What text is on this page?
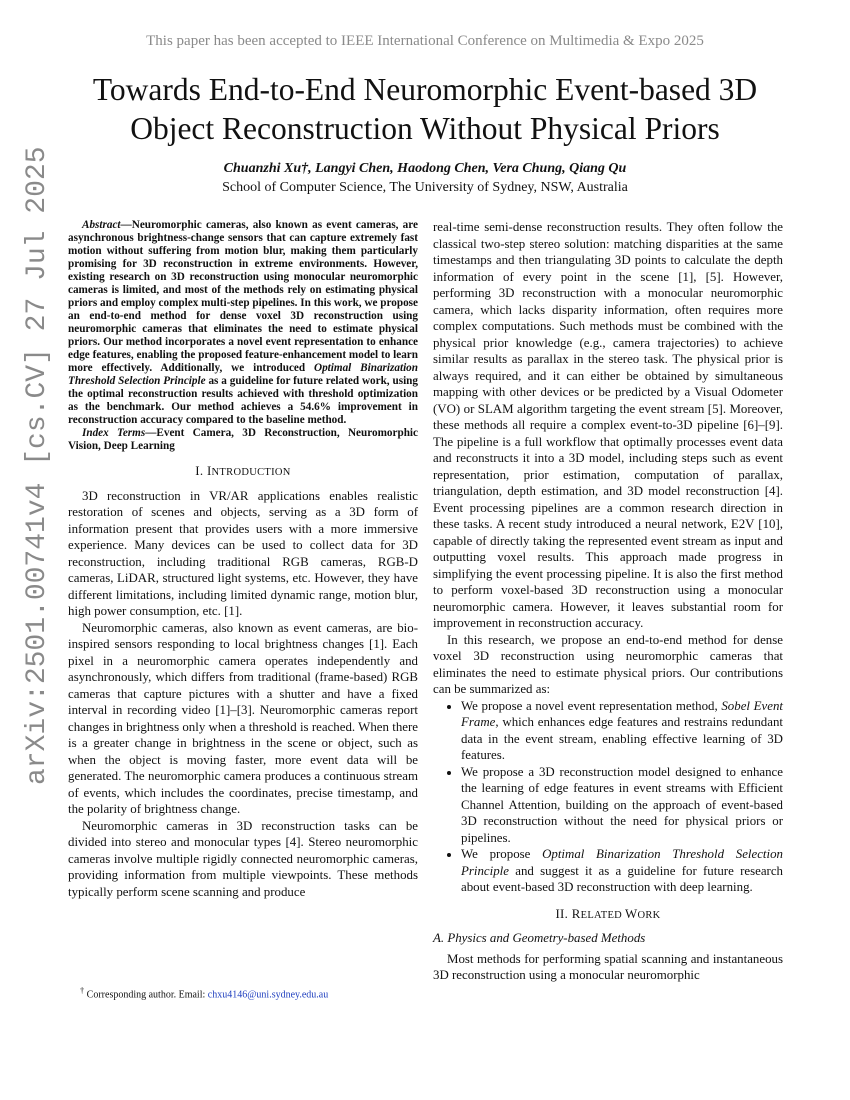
This paper has been accepted to IEEE International Conference on Multimedia & Expo 2025
Towards End-to-End Neuromorphic Event-based 3D
Object Reconstruction Without Physical Priors
Chuanzhi Xu†, Langyi Chen, Haodong Chen, Vera Chung, Qiang Qu
School of Computer Science, The University of Sydney, NSW, Australia
arXiv:2501.00741v4 [cs.CV] 27 Jul 2025	Abstract—Neuromorphic cameras, also known as event cameras, are asynchronous brightness-change sensors that can capture extremely fast motion without suffering from motion blur, making them particularly promising for 3D reconstruction in extreme environments. However, existing research on 3D reconstruction using monocular neuromorphic cameras is limited, and most of the methods rely on estimating physical priors and employ complex multi-step pipelines. In this work, we propose an end-to-end method for dense voxel 3D reconstruction using neuromorphic cameras that eliminates the need to estimate physical priors. Our method incorporates a novel event representation to enhance edge features, enabling the proposed feature-enhancement model to learn more effectively. Additionally, we introduced Optimal Binarization Threshold Selection Principle as a guideline for future related work, using the optimal reconstruction results achieved with threshold optimization as the benchmark. Our method achieves a 54.6% improvement in reconstruction accuracy compared to the baseline method.

Index Terms—Event Camera, 3D Reconstruction, Neuromorphic Vision, Deep Learning

I. INTRODUCTION

3D reconstruction in VR/AR applications enables realistic restoration of scenes and objects, serving as a 3D form of information present that provides users with a more immersive experience. Many devices can be used to collect data for 3D reconstruction, including traditional RGB cameras, RGB-D cameras, LiDAR, structured light systems, etc. However, they have different limitations, including limited dynamic range, motion blur, high power consumption, etc. [1].

Neuromorphic cameras, also known as event cameras, are bio-inspired sensors responding to local brightness changes [1]. Each pixel in a neuromorphic camera operates independently and asynchronously, which differs from traditional (frame-based) RGB cameras that capture pictures with a shutter and have a fixed interval in recording video [1]–[3]. Neuromorphic cameras report changes in brightness only when a threshold is reached. When there is a greater change in brightness in the scene or object, such as when the object is moving faster, more event data will be generated. The neuromorphic camera produces a continuous stream of events, which includes the coordinates, precise timestamp, and the polarity of brightness change.

Neuromorphic cameras in 3D reconstruction tasks can be divided into stereo and monocular types [4]. Stereo neuromorphic cameras involve multiple rigidly connected neuromorphic cameras, providing information from multiple viewpoints. These methods typically perform scene scanning and produce

real-time semi-dense reconstruction results. They often follow the classical two-step stereo solution: matching disparities at the same timestamps and then triangulating 3D points to calculate the depth information of every point in the scene [1], [5]. However, performing 3D reconstruction with a monocular neuromorphic camera, which lacks disparity information, often requires more complex computations. Such methods must be combined with the physical prior knowledge (e.g., camera trajectories) to achieve similar results as parallax in the stereo task. The physical prior is always required, and it can either be obtained by simultaneous mapping with other devices or be predicted by a Visual Odometer (VO) or SLAM algorithm targeting the event stream [5]. Moreover, these methods all require a complex event-to-3D pipeline [6]–[9]. The pipeline is a full workflow that optimally processes event data and reconstructs it into a 3D model, including steps such as event representation, prior estimation, computation of parallax, triangulation, depth estimation, and 3D model reconstruction [4]. Event processing pipelines are a common research direction in these tasks. A recent study introduced a neural network, E2V [10], capable of directly taking the represented event stream as input and outputting voxel results. This approach made progress in simplifying the event processing pipeline. It is also the first method to perform voxel-based 3D reconstruction using a monocular neuromorphic camera. However, it leaves substantial room for improvement in reconstruction accuracy.

In this research, we propose an end-to-end method for dense voxel 3D reconstruction using neuromorphic cameras that eliminates the need to estimate physical priors. Our contributions can be summarized as:

• We propose a novel event representation method, Sobel Event Frame, which enhances edge features and restrains redundant data in the event stream, enabling effective learning of 3D features.
• We propose a 3D reconstruction model designed to enhance the learning of edge features in event streams with Efficient Channel Attention, building on the approach of event-based 3D reconstruction without the need for physical priors or pipelines.
• We propose Optimal Binarization Threshold Selection Principle and suggest it as a guideline for future research about event-based 3D reconstruction with deep learning.
II. RELATED WORK
A. Physics and Geometry-based Methods

Most methods for performing spatial scanning and instantaneous 3D reconstruction using a monocular neuromorphic

† Corresponding author. Email: chxu4146@uni.sydney.edu.au
